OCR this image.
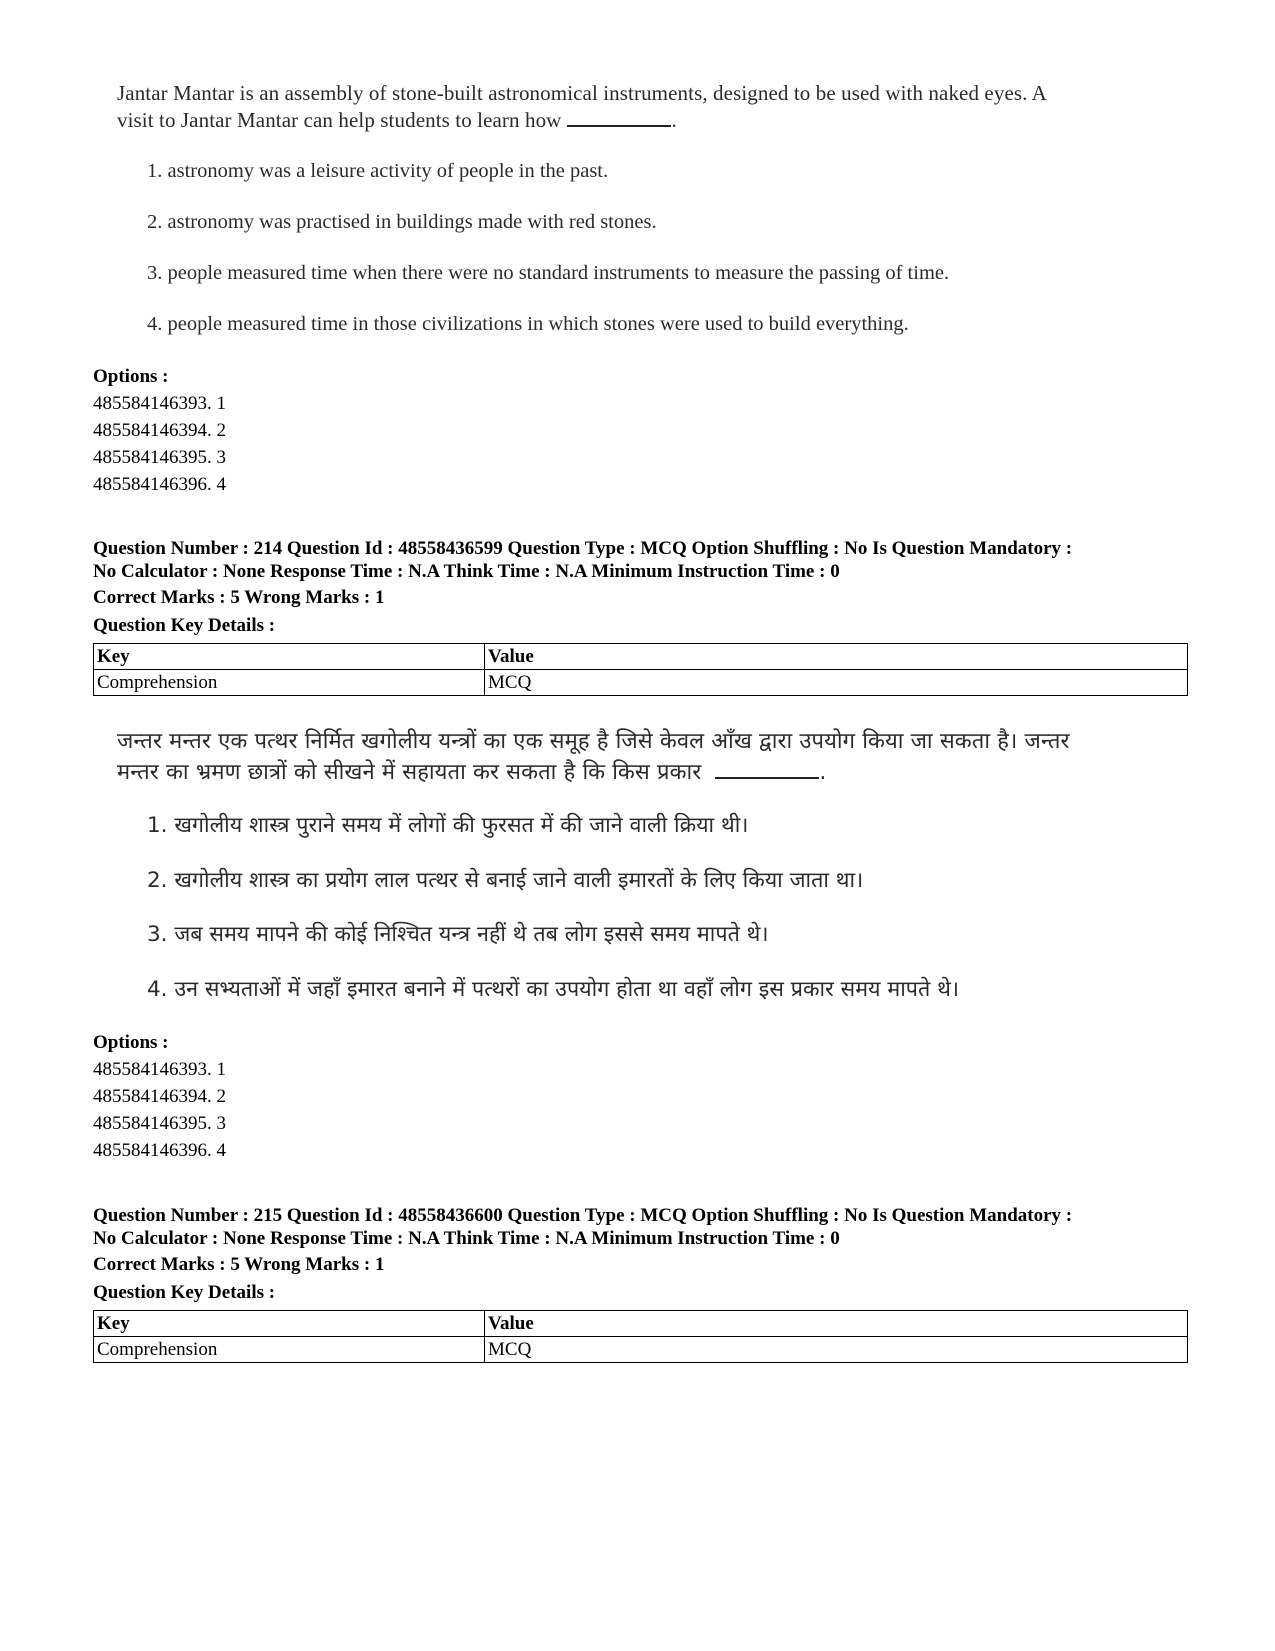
Jantar Mantar is an assembly of stone-built astronomical instruments, designed to be used with naked eyes. A
visit to Jantar Mantar can help students to learn how	.
1. astronomy was a leisure activity of people in the past.
2. astronomy was practised in buildings made with red stones.
3. people measured time when there were no standard instruments to measure the passing of time.
4. people measured time in those civilizations in which stones were used to build everything.
Options :
485584146393. 1
485584146394. 2
485584146395. 3
485584146396. 4
Question Number : 214 Question Id : 48558436599 Question Type : MCQ Option Shuffling : No Is Question Mandatory :
No Calculator : None Response Time : N.A Think Time : N.A Minimum Instruction Time : 0
Correct Marks : 5 Wrong Marks : 1
Question Key Details :
Key	Value
Comprehension	MCQ
जन्तर मन्तर एक पत्थर निर्मित खगोलीय यन्त्रों का एक समूह है जिसे केवल आँख द्वारा उपयोग किया जा सकता है। जन्तर
मन्तर का भ्रमण छात्रों को सीखने में सहायता कर सकता है कि किस प्रकार	.
1. खगोलीय शास्त्र पुराने समय में लोगों की फुरसत में की जाने वाली क्रिया थी।
2. खगोलीय शास्त्र का प्रयोग लाल पत्थर से बनाई जाने वाली इमारतों के लिए किया जाता था।
3. जब समय मापने की कोई निश्चित यन्त्र नहीं थे तब लोग इससे समय मापते थे।
4. उन सभ्यताओं में जहाँ इमारत बनाने में पत्थरों का उपयोग होता था वहाँ लोग इस प्रकार समय मापते थे।
Options :
485584146393. 1
485584146394. 2
485584146395. 3
485584146396. 4
Question Number : 215 Question Id : 48558436600 Question Type : MCQ Option Shuffling : No Is Question Mandatory :
No Calculator : None Response Time : N.A Think Time : N.A Minimum Instruction Time : 0
Correct Marks : 5 Wrong Marks : 1
Question Key Details :
Key	Value
Comprehension	MCQ
